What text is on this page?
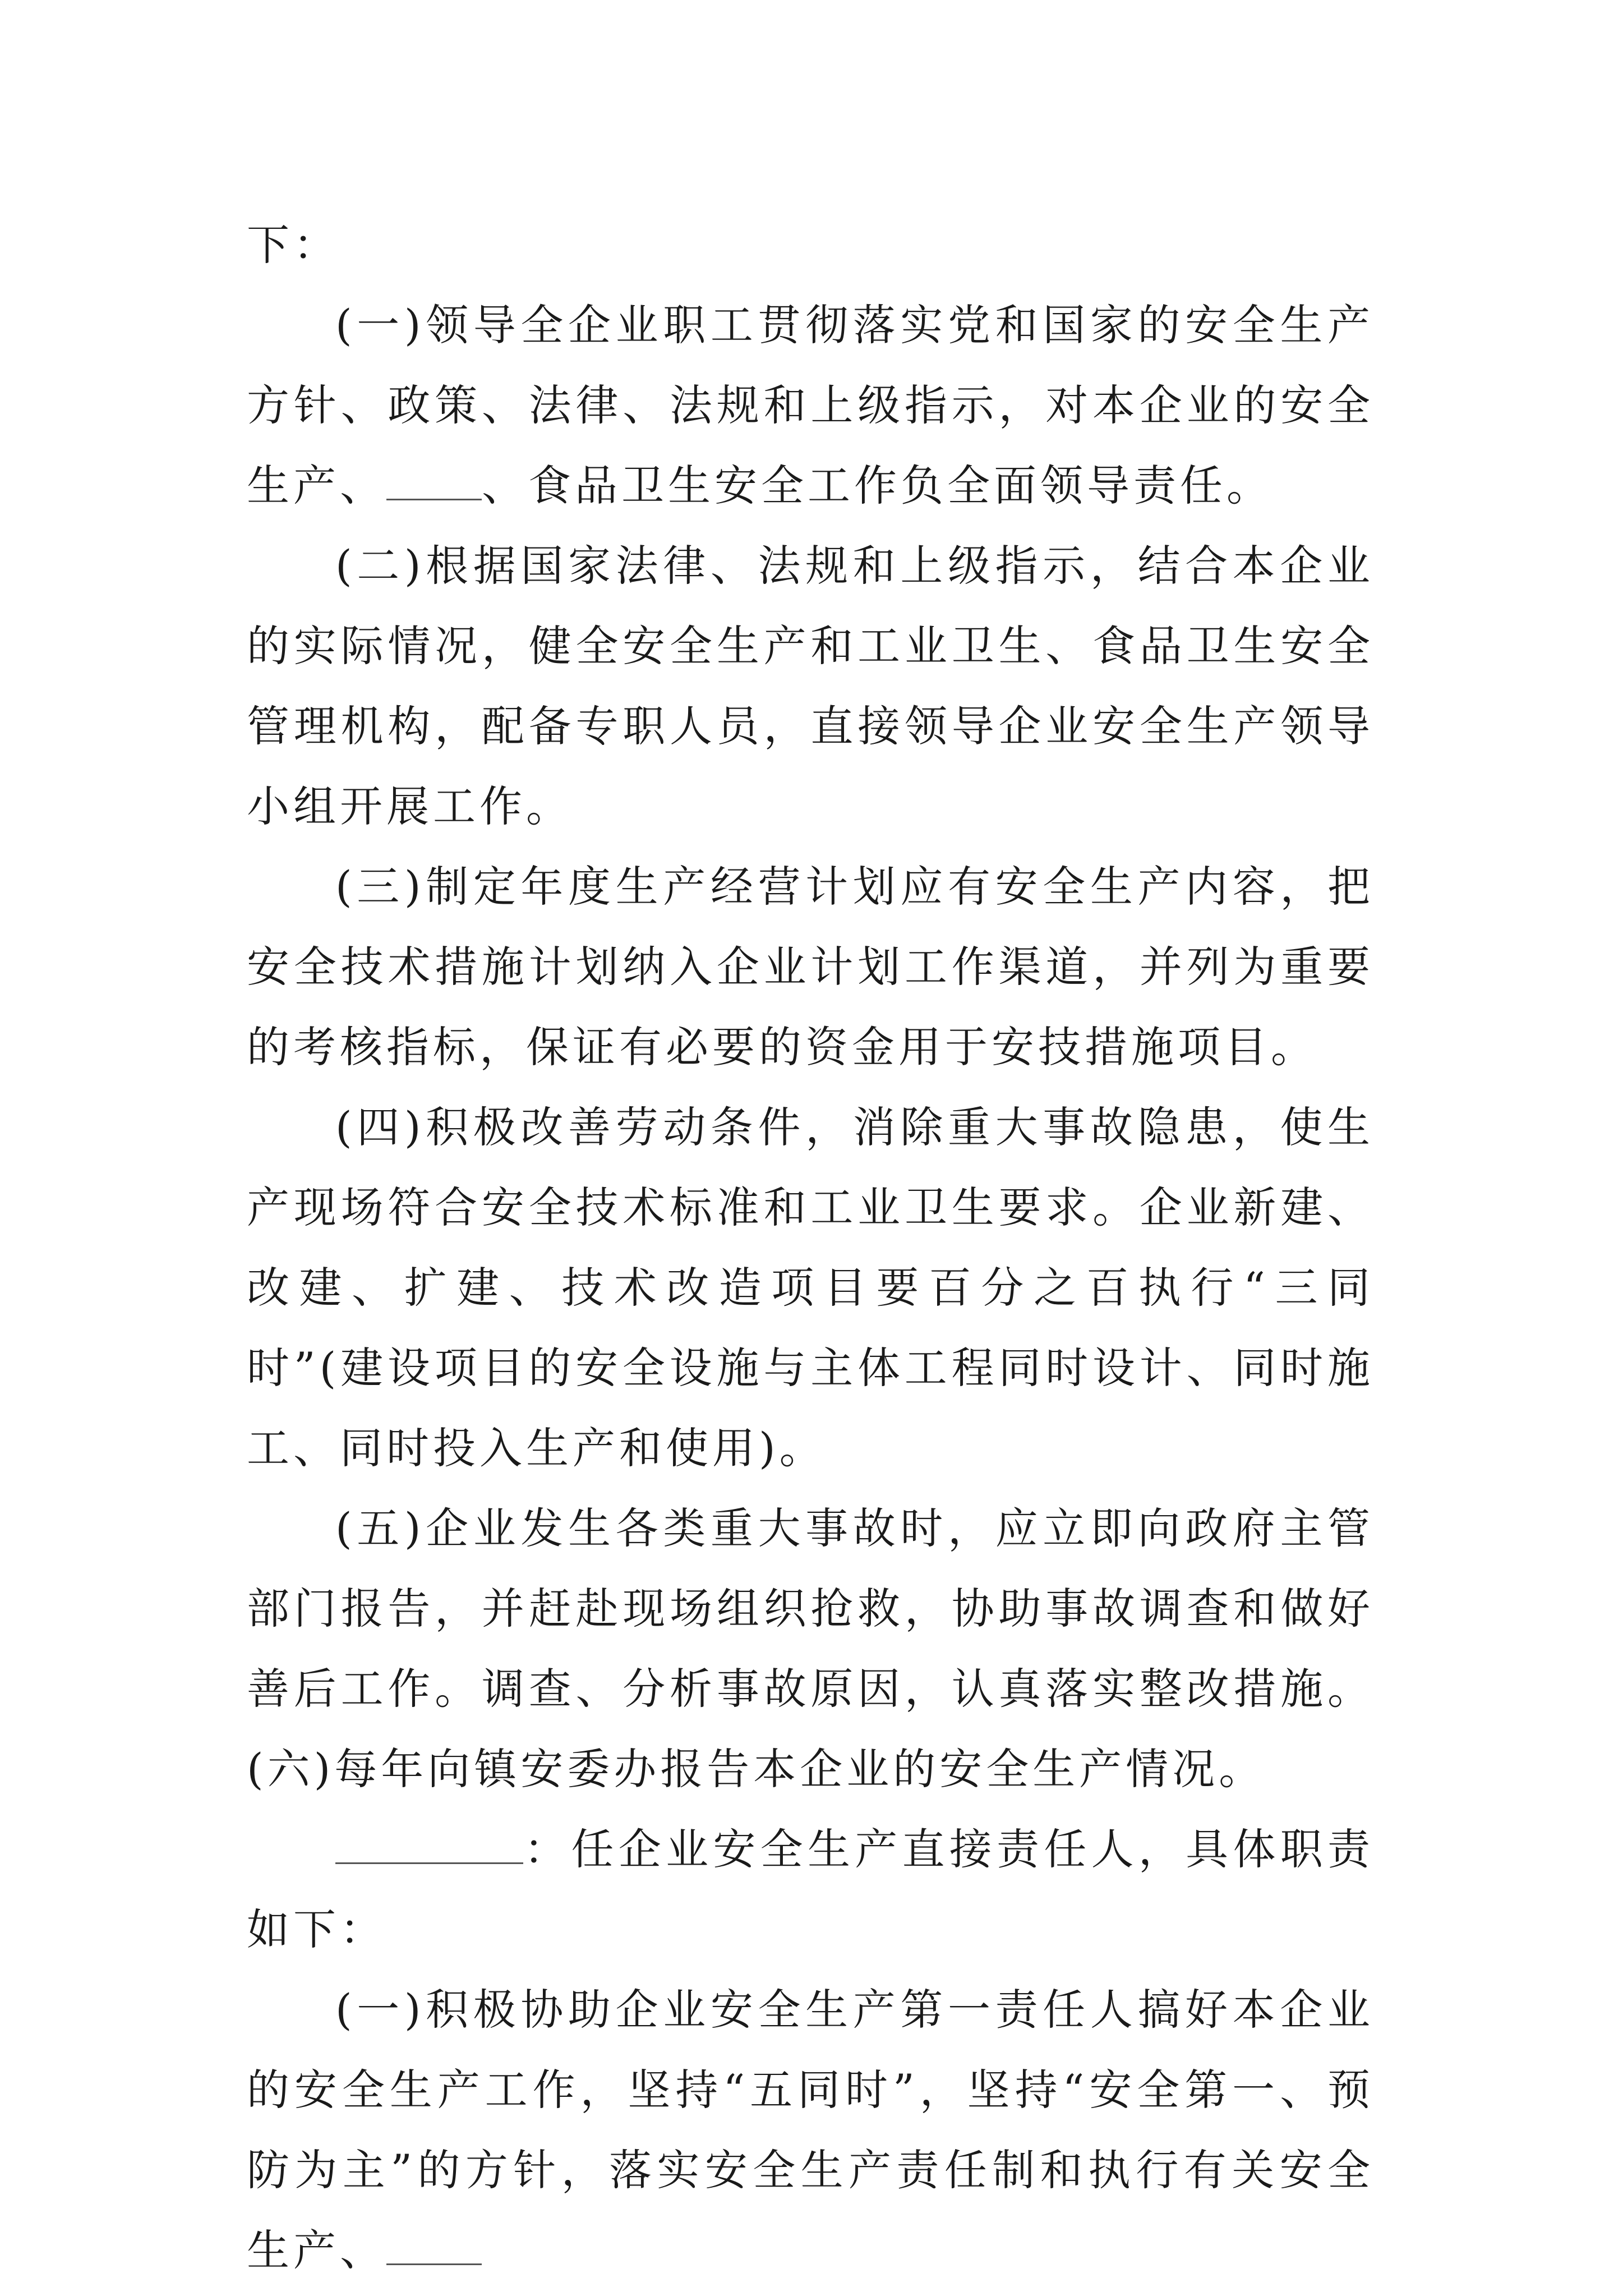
下：

(一)领导全企业职工贯彻落实党和国家的安全生产方针、政策、法律、法规和上级指示，对本企业的安全生产、 、食品卫生安全工作负全面领导责任。

(二)根据国家法律、法规和上级指示，结合本企业的实际情况，健全安全生产和工业卫生、食品卫生安全管理机构，配备专职人员，直接领导企业安全生产领导小组开展工作。

(三)制定年度生产经营计划应有安全生产内容，把安全技术措施计划纳入企业计划工作渠道，并列为重要的考核指标，保证有必要的资金用于安技措施项目。

(四)积极改善劳动条件，消除重大事故隐患，使生产现场符合安全技术标准和工业卫生要求。企业新建、改建、扩建、技术改造项目要百分之百执行“三同时”(建设项目的安全设施与主体工程同时设计、同时施工、同时投入生产和使用)。

(五)企业发生各类重大事故时，应立即向政府主管部门报告，并赶赴现场组织抢救，协助事故调查和做好善后工作。调查、分析事故原因，认真落实整改措施。(六)每年向镇安委办报告本企业的安全生产情况。

：任企业安全生产直接责任人，具体职责如下：

(一)积极协助企业安全生产第一责任人搞好本企业的安全生产工作，坚持“五同时”，坚持“安全第一、预防为主”的方针，落实安全生产责任制和执行有关安全生产、
